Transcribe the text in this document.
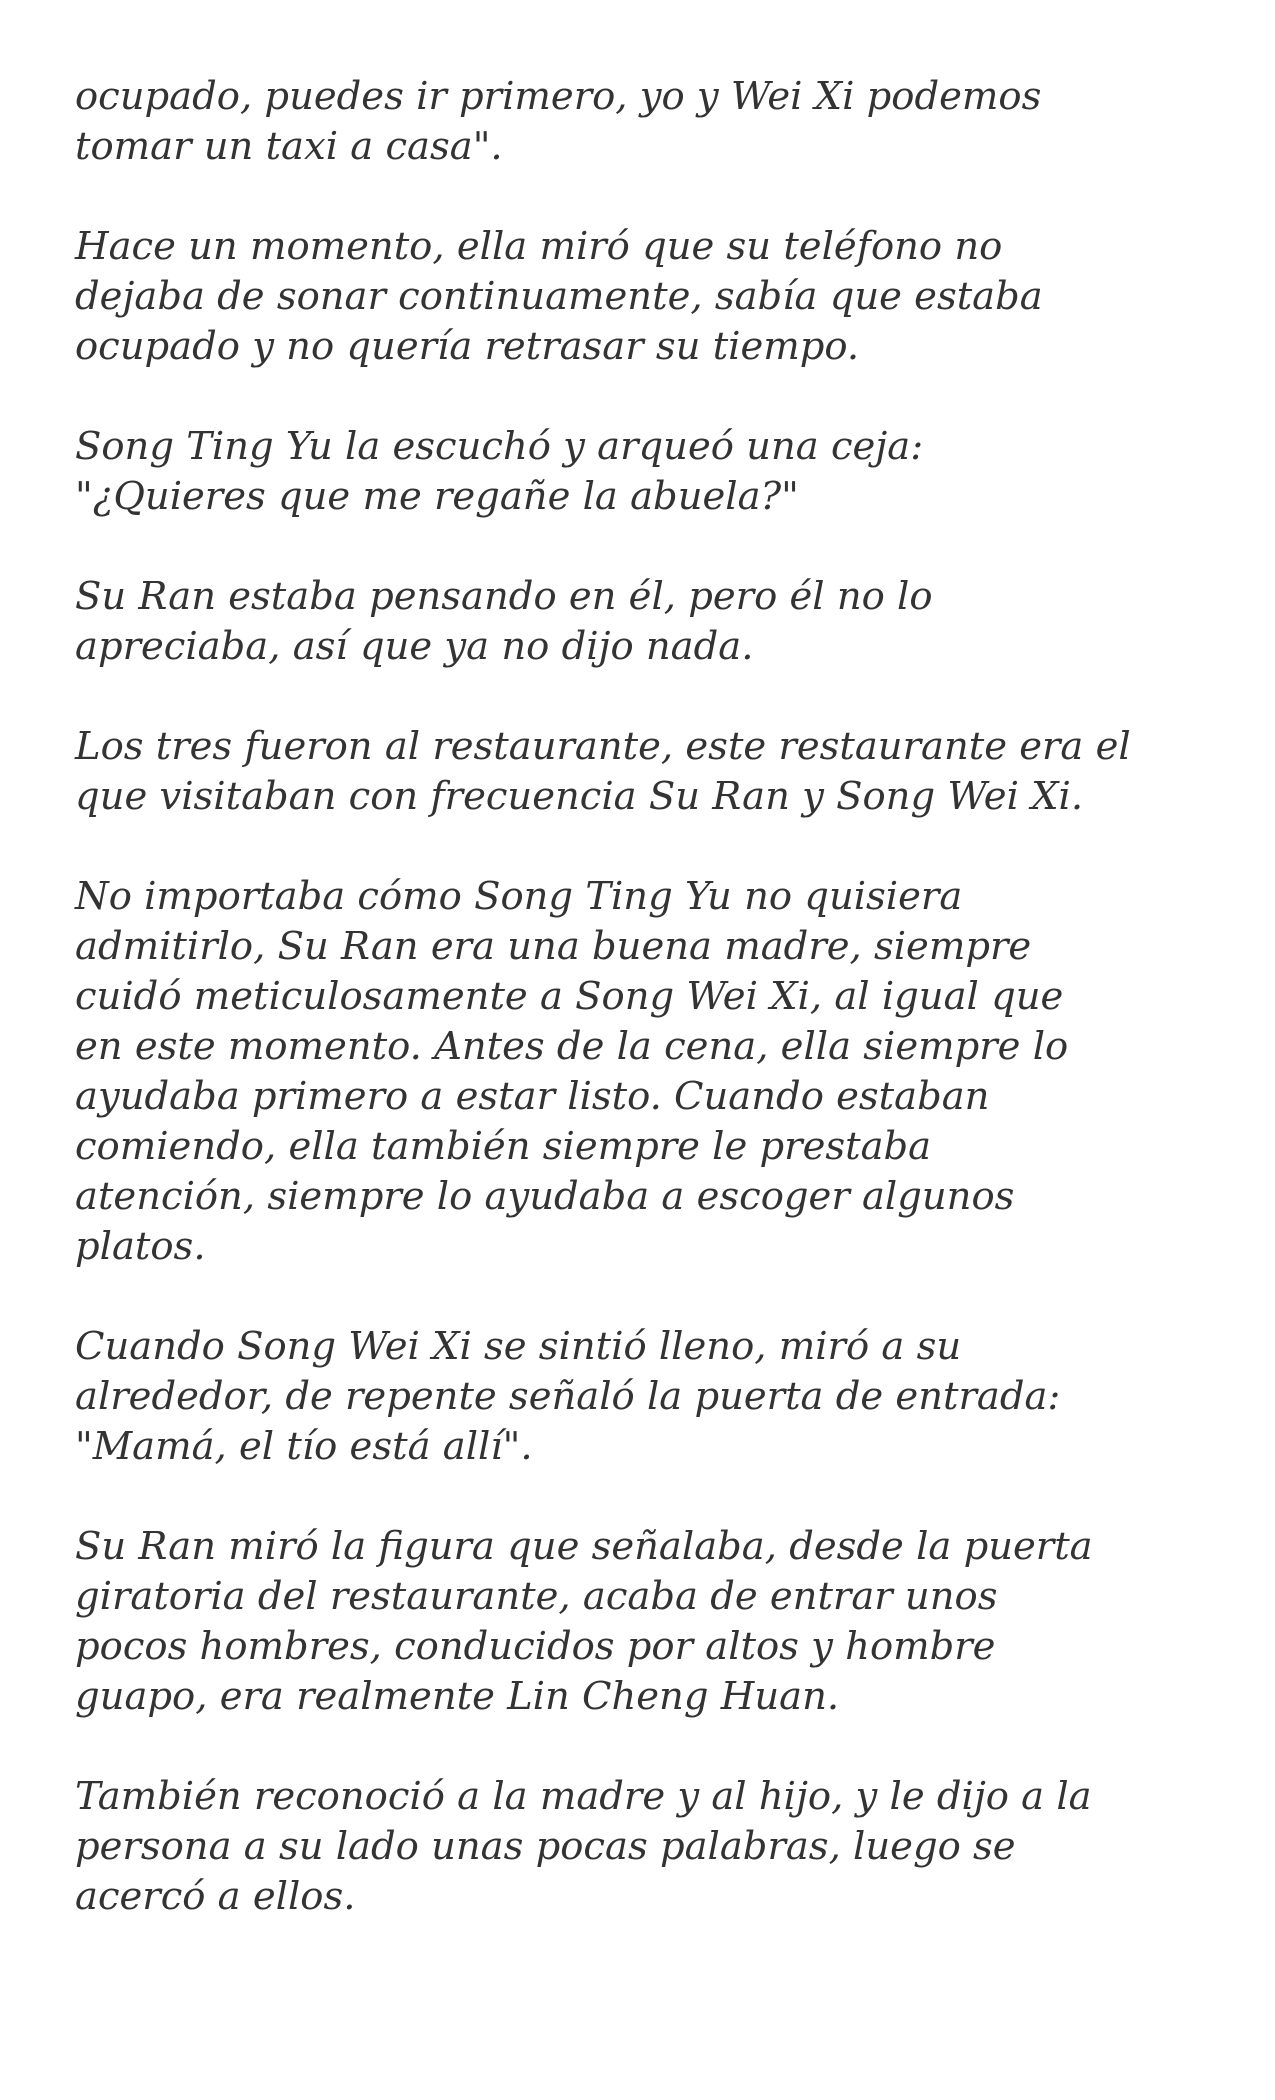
ocupado, puedes ir primero, yo y Wei Xi podemos
tomar un taxi a casa".

Hace un momento, ella miró que su teléfono no
dejaba de sonar continuamente, sabía que estaba
ocupado y no quería retrasar su tiempo.

Song Ting Yu la escuchó y arqueó una ceja:
"¿Quieres que me regañe la abuela?"

Su Ran estaba pensando en él, pero él no lo
apreciaba, así que ya no dijo nada.

Los tres fueron al restaurante, este restaurante era el
que visitaban con frecuencia Su Ran y Song Wei Xi.

No importaba cómo Song Ting Yu no quisiera
admitirlo, Su Ran era una buena madre, siempre
cuidó meticulosamente a Song Wei Xi, al igual que
en este momento. Antes de la cena, ella siempre lo
ayudaba primero a estar listo. Cuando estaban
comiendo, ella también siempre le prestaba
atención, siempre lo ayudaba a escoger algunos
platos.

Cuando Song Wei Xi se sintió lleno, miró a su
alrededor, de repente señaló la puerta de entrada:
"Mamá, el tío está allí".

Su Ran miró la figura que señalaba, desde la puerta
giratoria del restaurante, acaba de entrar unos
pocos hombres, conducidos por altos y hombre
guapo, era realmente Lin Cheng Huan.

También reconoció a la madre y al hijo, y le dijo a la
persona a su lado unas pocas palabras, luego se
acercó a ellos.
